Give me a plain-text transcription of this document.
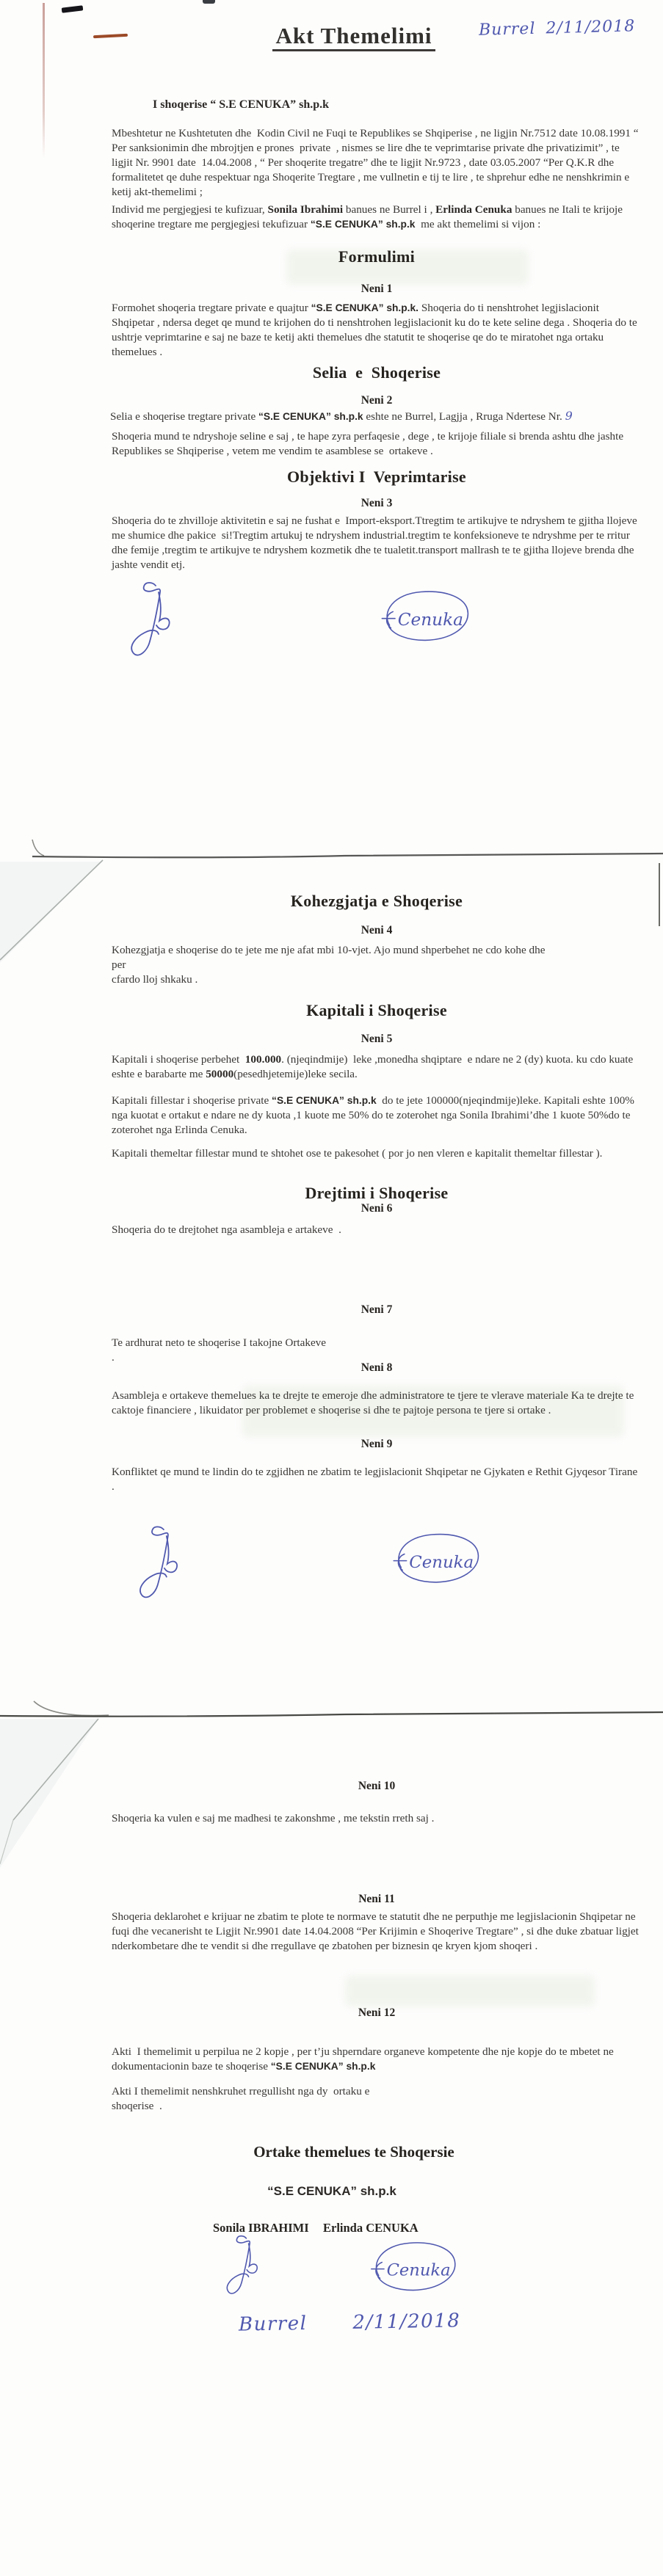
Akt Themelimi	Burrel 2/11/2018

I shoqerise “ S.E CENUKA” sh.p.k

Mbeshtetur ne Kushtetuten dhe  Kodin Civil ne Fuqi te Republikes se Shqiperise , ne ligjin Nr.7512 date 10.08.1991 “ Per sanksionimin dhe mbrojtjen e prones  private  , nismes se lire dhe te veprimtarise private dhe privatizimit” , te ligjit Nr. 9901 date  14.04.2008 , “ Per shoqerite tregatre” dhe te ligjit Nr.9723 , date 03.05.2007 “Per Q.K.R dhe formalitetet qe duhe respektuar nga Shoqerite Tregtare , me vullnetin e tij te lire , te shprehur edhe ne nenshkrimin e ketij akt-themelimi ;

Individ me pergjegjesi te kufizuar, Sonila Ibrahimi banues ne Burrel i , Erlinda Cenuka banues ne Itali te krijoje shoqerine tregtare me pergjegjesi tekufizuar “S.E CENUKA” sh.p.k  me akt themelimi si vijon :

Formulimi
Neni 1

Formohet shoqeria tregtare private e quajtur “S.E CENUKA” sh.p.k. Shoqeria do ti nenshtrohet legjislacionit Shqipetar , ndersa deget qe mund te krijohen do ti nenshtrohen legjislacionit ku do te kete seline dega . Shoqeria do te ushtrje veprimtarine e saj ne baze te ketij akti themelues dhe statutit te shoqerise qe do te miratohet nga ortaku  themelues .

Selia  e  Shoqerise
Neni 2

Selia e shoqerise tregtare private “S.E CENUKA” sh.p.k eshte ne Burrel, Lagjja , Rruga Ndertese Nr. 9

Shoqeria mund te ndryshoje seline e saj , te hape zyra perfaqesie , dege , te krijoje filiale si brenda ashtu dhe jashte Republikes se Shqiperise , vetem me vendim te asamblese se  ortakeve .

Objektivi I  Veprimtarise
Neni 3

Shoqeria do te zhvilloje aktivitetin e saj ne fushat e  Import-eksport.Ttregtim te artikujve te ndryshem te gjitha llojeve me shumice dhe pakice  si!Tregtim artukuj te ndryshem industrial.tregtim te konfeksioneve te ndryshme per te rritur dhe femije ,tregtim te artikujve te ndryshem kozmetik dhe te tualetit.transport mallrash te te gjitha llojeve brenda dhe jashte vendit etj.

Cenuka
Kohezgjatja e Shoqerise
Neni 4

Kohezgjatja e shoqerise do te jete me nje afat mbi 10-vjet. Ajo mund shperbehet ne cdo kohe dhe

per

cfardo lloj shkaku .

Kapitali i Shoqerise
Neni 5

Kapitali i shoqerise perbehet  100.000. (njeqindmije)  leke ,monedha shqiptare  e ndare ne 2 (dy) kuota. ku cdo kuate eshte e barabarte me 50000(pesedhjetemije)leke secila.

Kapitali fillestar i shoqerise private “S.E CENUKA” sh.p.k  do te jete 100000(njeqindmije)leke. Kapitali eshte 100% nga kuotat e ortakut e ndare ne dy kuota ,1 kuote me 50% do te zoterohet nga Sonila Ibrahimi’dhe 1 kuote 50%do te zoterohet nga Erlinda Cenuka.

Kapitali themeltar fillestar mund te shtohet ose te pakesohet ( por jo nen vleren e kapitalit themeltar fillestar ).

Drejtimi i Shoqerise
Neni 6

Shoqeria do te drejtohet nga asambleja e artakeve  .

Neni 7

Te ardhurat neto te shoqerise I takojne Ortakeve

.

Neni 8

Asambleja e ortakeve themelues ka te drejte te emeroje dhe administratore te tjere te vlerave materiale Ka te drejte te caktoje financiere , likuidator per problemet e shoqerise si dhe te pajtoje persona te tjere si ortake .

Neni 9

Konfliktet qe mund te lindin do te zgjidhen ne zbatim te legjislacionit Shqipetar ne Gjykaten e Rethit Gjyqesor Tirane  .

Cenuka
Neni 10

Shoqeria ka vulen e saj me madhesi te zakonshme , me tekstin rreth saj .

Neni 11

Shoqeria deklarohet e krijuar ne zbatim te plote te normave te statutit dhe ne perputhje me legjislacionin Shqipetar ne fuqi dhe vecanerisht te Ligjit Nr.9901 date 14.04.2008 “Per Krijimin e Shoqerive Tregtare” , si dhe duke zbatuar ligjet nderkombetare dhe te vendit si dhe rregullave qe zbatohen per biznesin qe kryen kjom shoqeri .

Neni 12

Akti  I themelimit u perpilua ne 2 kopje , per t’ju shperndare organeve kompetente dhe nje kopje do te mbetet ne dokumentacionin baze te shoqerise “S.E CENUKA” sh.p.k

Akti I themelimit nenshkruhet rregullisht nga dy  ortaku e

shoqerise  .

Ortake themelues te Shoqersie

“S.E CENUKA” sh.p.k

Sonila IBRAHIMI Erlinda CENUKA
Cenuka
Burrel 2/11/2018
